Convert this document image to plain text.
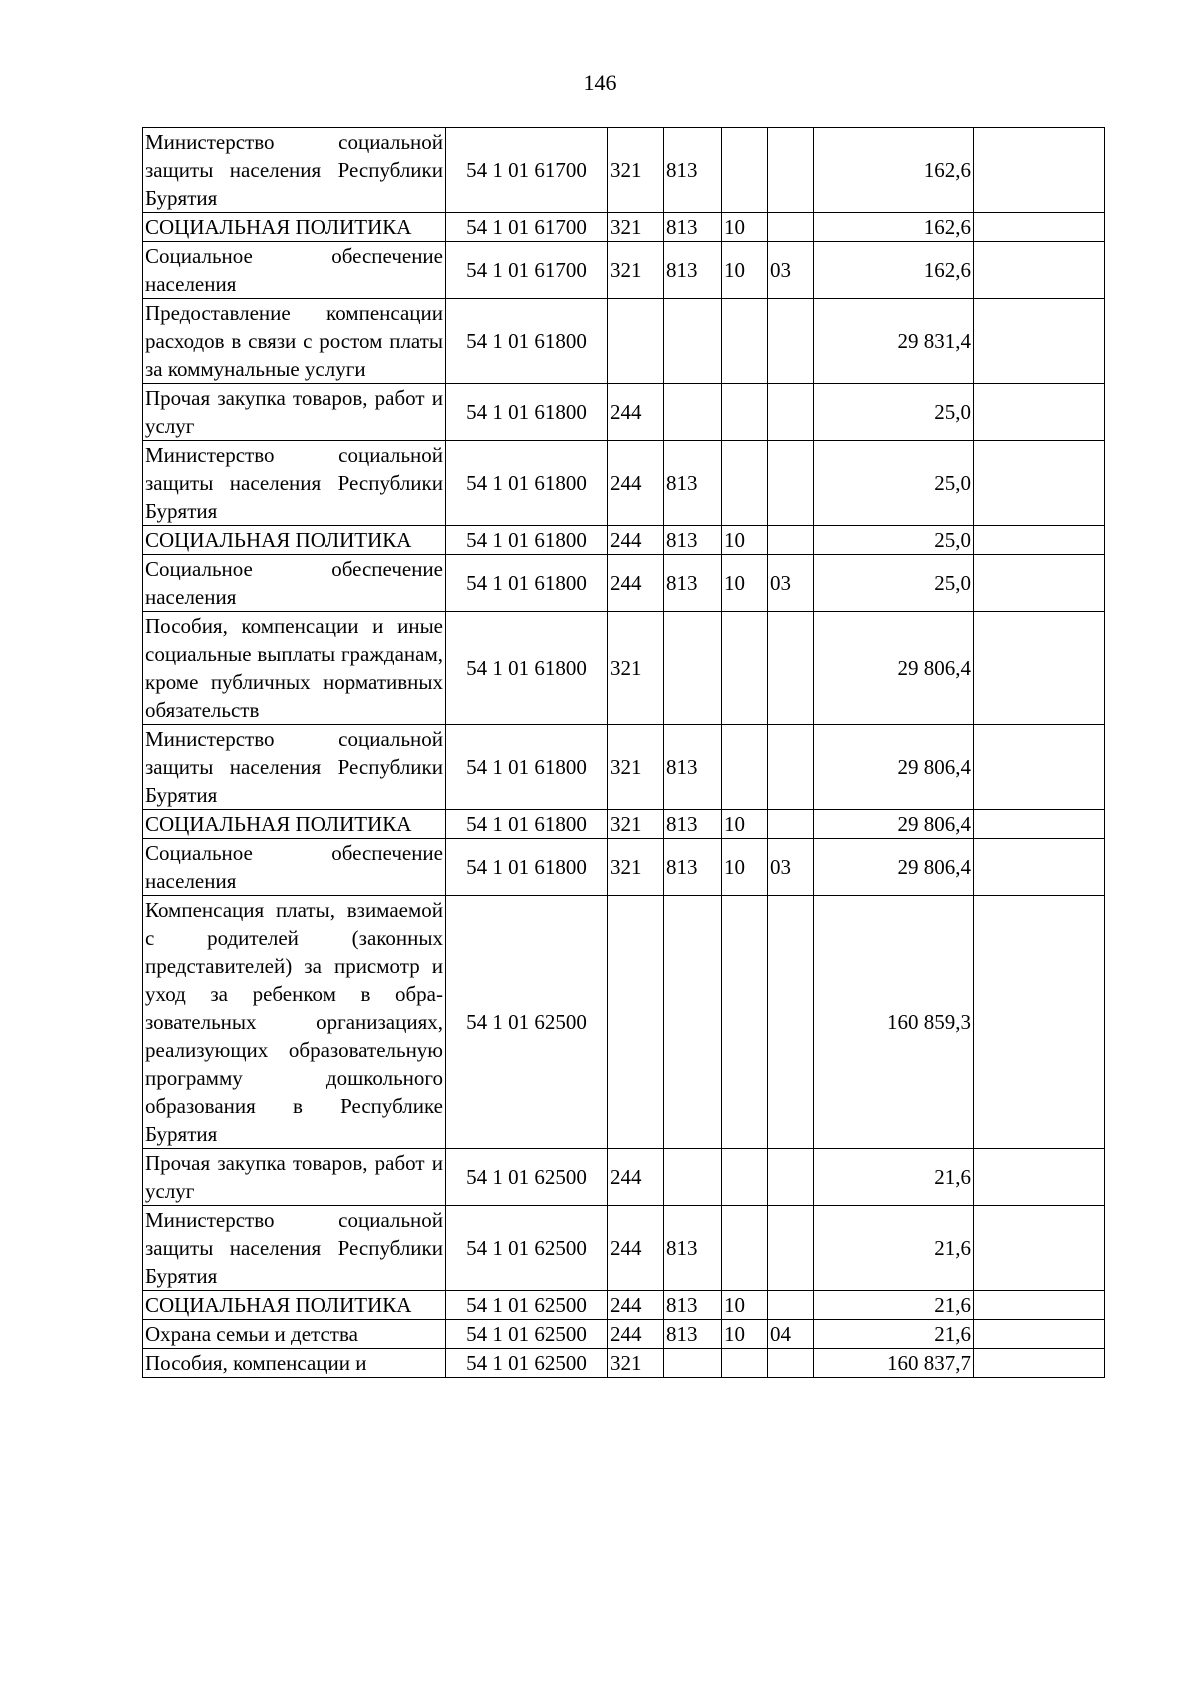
146
Министерство социальной защиты населения Республики Бурятия	54 1 01 61700	321	813			162,6	
СОЦИАЛЬНАЯ ПОЛИТИКА	54 1 01 61700	321	813	10		162,6	
Социальное обеспечение населения	54 1 01 61700	321	813	10	03	162,6	
Предоставление компенсации расходов в связи с ростом платы за коммунальные услуги	54 1 01 61800					29 831,4	
Прочая закупка товаров, работ и услуг	54 1 01 61800	244				25,0	
Министерство социальной защиты населения Республики Бурятия	54 1 01 61800	244	813			25,0	
СОЦИАЛЬНАЯ ПОЛИТИКА	54 1 01 61800	244	813	10		25,0	
Социальное обеспечение населения	54 1 01 61800	244	813	10	03	25,0	
Пособия, компенсации и иные социальные выплаты гражданам, кроме публичных нормативных обязательств	54 1 01 61800	321				29 806,4	
Министерство социальной защиты населения Республики Бурятия	54 1 01 61800	321	813			29 806,4	
СОЦИАЛЬНАЯ ПОЛИТИКА	54 1 01 61800	321	813	10		29 806,4	
Социальное обеспечение населения	54 1 01 61800	321	813	10	03	29 806,4	
Компенсация платы, взимаемой с родителей (законных представителей) за присмотр и уход за ребенком в образовательных организациях, реализующих образовательную программу дошкольного образования в Республике Бурятия	54 1 01 62500					160 859,3	
Прочая закупка товаров, работ и услуг	54 1 01 62500	244				21,6	
Министерство социальной защиты населения Республики Бурятия	54 1 01 62500	244	813			21,6	
СОЦИАЛЬНАЯ ПОЛИТИКА	54 1 01 62500	244	813	10		21,6	
Охрана семьи и детства	54 1 01 62500	244	813	10	04	21,6	
Пособия, компенсации и	54 1 01 62500	321				160 837,7	
